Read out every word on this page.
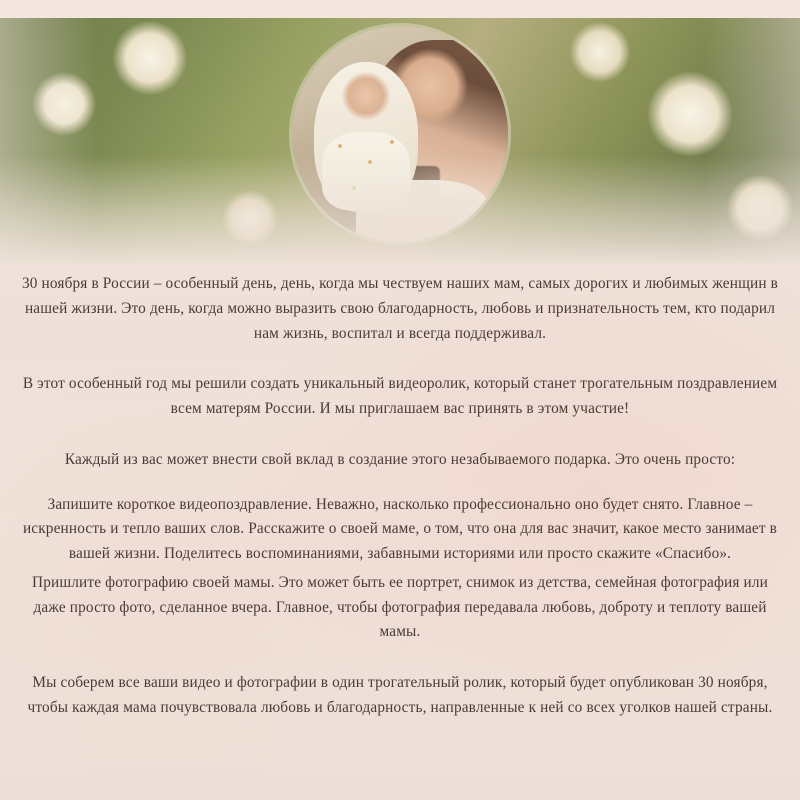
30 ноября в России – особенный день, день, когда мы чествуем наших мам, самых дорогих и любимых женщин в нашей жизни. Это день, когда можно выразить свою благодарность, любовь и признательность тем, кто подарил нам жизнь, воспитал и всегда поддерживал.

В этот особенный год мы решили создать уникальный видеоролик, который станет трогательным поздравлением всем матерям России. И мы приглашаем вас принять в этом участие!

Каждый из вас может внести свой вклад в создание этого незабываемого подарка. Это очень просто:

Запишите короткое видеопоздравление. Неважно, насколько профессионально оно будет снято. Главное – искренность и тепло ваших слов. Расскажите о своей маме, о том, что она для вас значит, какое место занимает в вашей жизни. Поделитесь воспоминаниями, забавными историями или просто скажите «Спасибо».

Пришлите фотографию своей мамы. Это может быть ее портрет, снимок из детства, семейная фотография или даже просто фото, сделанное вчера. Главное, чтобы фотография передавала любовь, доброту и теплоту вашей мамы.

Мы соберем все ваши видео и фотографии в один трогательный ролик, который будет опубликован 30 ноября, чтобы каждая мама почувствовала любовь и благодарность, направленные к ней со всех уголков нашей страны.
